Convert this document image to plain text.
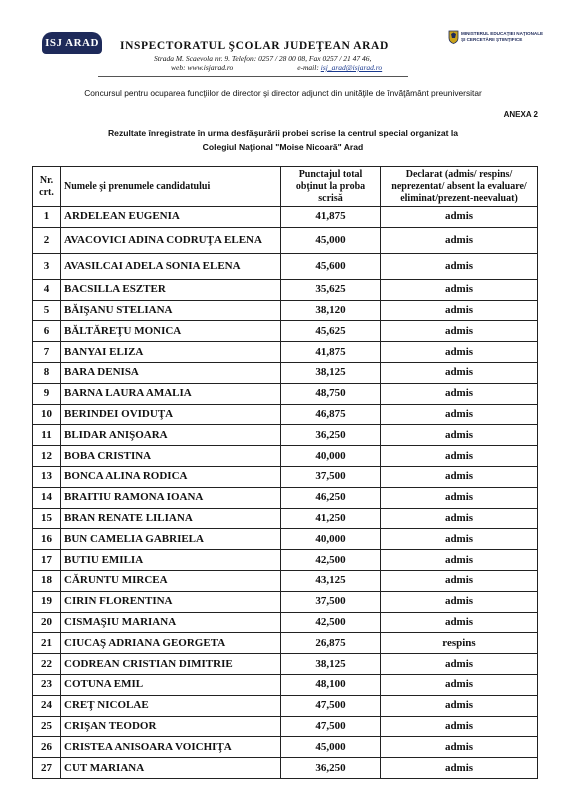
ISJ ARAD INSPECTORATUL ŞCOLAR JUDEŢEAN ARAD
Strada M. Scaevola nr. 9. Telefon: 0257 / 28 00 08, Fax 0257 / 21 47 46,
web: www.isjarad.ro	e-mail: isj_arad@isjarad.ro
MINISTERUL EDUCAŢIEI NAŢIONALE
ŞI CERCETĂRII ŞTIINŢIFICE
Concursul pentru ocuparea funcţiilor de director şi director adjunct din unităţile de învăţământ preuniversitar
ANEXA 2
Rezultate înregistrate în urma desfăşurării probei scrise la centrul special organizat la
Colegiul Naţional "Moise Nicoară" Arad
Nr. crt.	Numele şi prenumele candidatului	Punctajul total obţinut la proba scrisă	Declarat (admis/ respins/ neprezentat/ absent la evaluare/ eliminat/prezent-neevaluat)
1	ARDELEAN EUGENIA	41,875	admis
2	AVACOVICI ADINA CODRUŢA ELENA	45,000	admis
3	AVASILCAI ADELA SONIA ELENA	45,600	admis
4	BACSILLA ESZTER	35,625	admis
5	BĂIŞANU STELIANA	38,120	admis
6	BĂLTĂREŢU MONICA	45,625	admis
7	BANYAI ELIZA	41,875	admis
8	BARA DENISA	38,125	admis
9	BARNA LAURA AMALIA	48,750	admis
10	BERINDEI OVIDUŢA	46,875	admis
11	BLIDAR ANIŞOARA	36,250	admis
12	BOBA CRISTINA	40,000	admis
13	BONCA ALINA RODICA	37,500	admis
14	BRAITIU RAMONA IOANA	46,250	admis
15	BRAN RENATE LILIANA	41,250	admis
16	BUN CAMELIA GABRIELA	40,000	admis
17	BUTIU EMILIA	42,500	admis
18	CĂRUNTU MIRCEA	43,125	admis
19	CIRIN FLORENTINA	37,500	admis
20	CISMAŞIU MARIANA	42,500	admis
21	CIUCAŞ ADRIANA GEORGETA	26,875	respins
22	CODREAN CRISTIAN DIMITRIE	38,125	admis
23	COTUNA EMIL	48,100	admis
24	CREŢ NICOLAE	47,500	admis
25	CRIŞAN TEODOR	47,500	admis
26	CRISTEA ANISOARA VOICHIŢA	45,000	admis
27	CUT MARIANA	36,250	admis
